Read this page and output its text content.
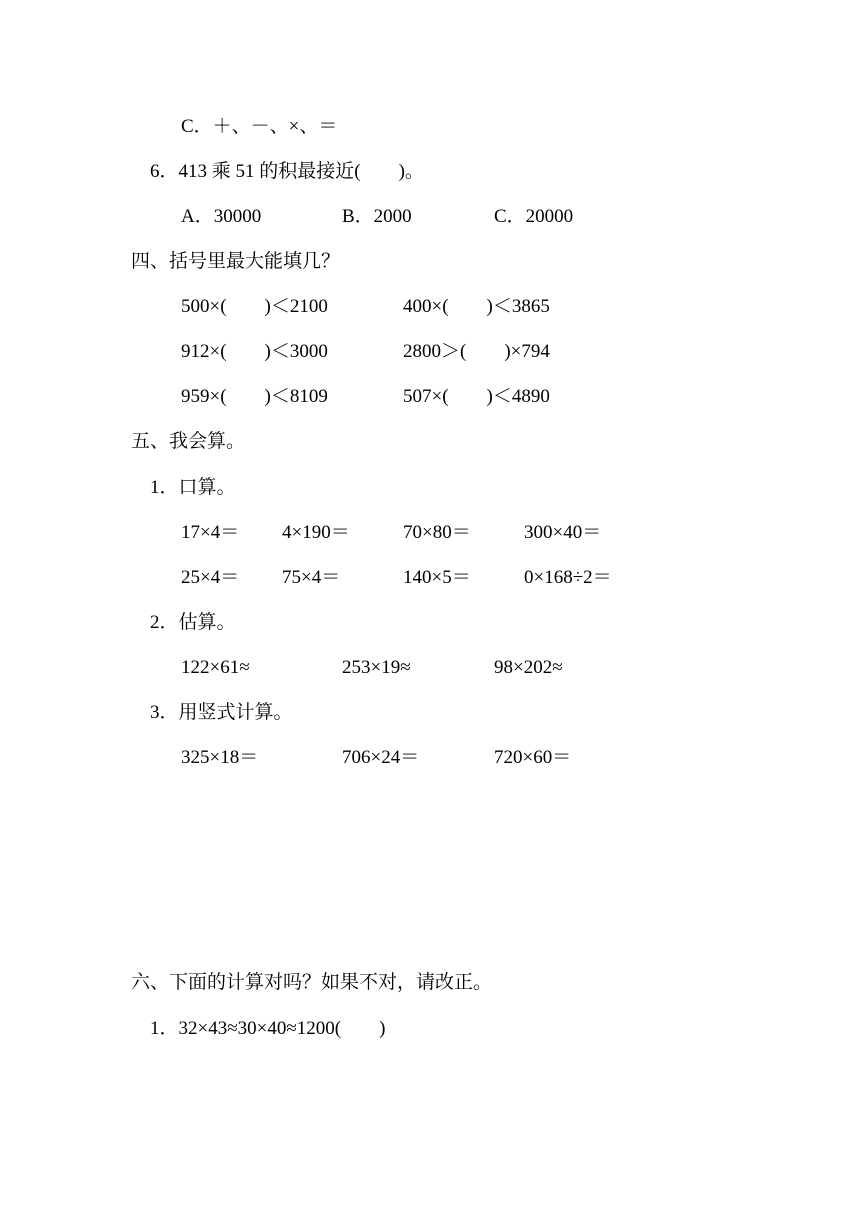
C．＋、－、×、＝
6．413 乘 51 的积最接近(　　)。
A．30000	B．2000	C．20000
四、括号里最大能填几？
500×(　　)＜2100	400×(　　)＜3865
912×(　　)＜3000	2800＞(　　)×794
959×(　　)＜8109	507×(　　)＜4890
五、我会算。
1．口算。
17×4＝ 4×190＝	70×80＝	300×40＝
25×4＝ 75×4＝	140×5＝	0×168÷2＝
2．估算。
122×61≈	253×19≈	98×202≈
3．用竖式计算。
325×18＝	706×24＝	720×60＝
六、下面的计算对吗？如果不对，请改正。
1．32×43≈30×40≈1200(　　)
